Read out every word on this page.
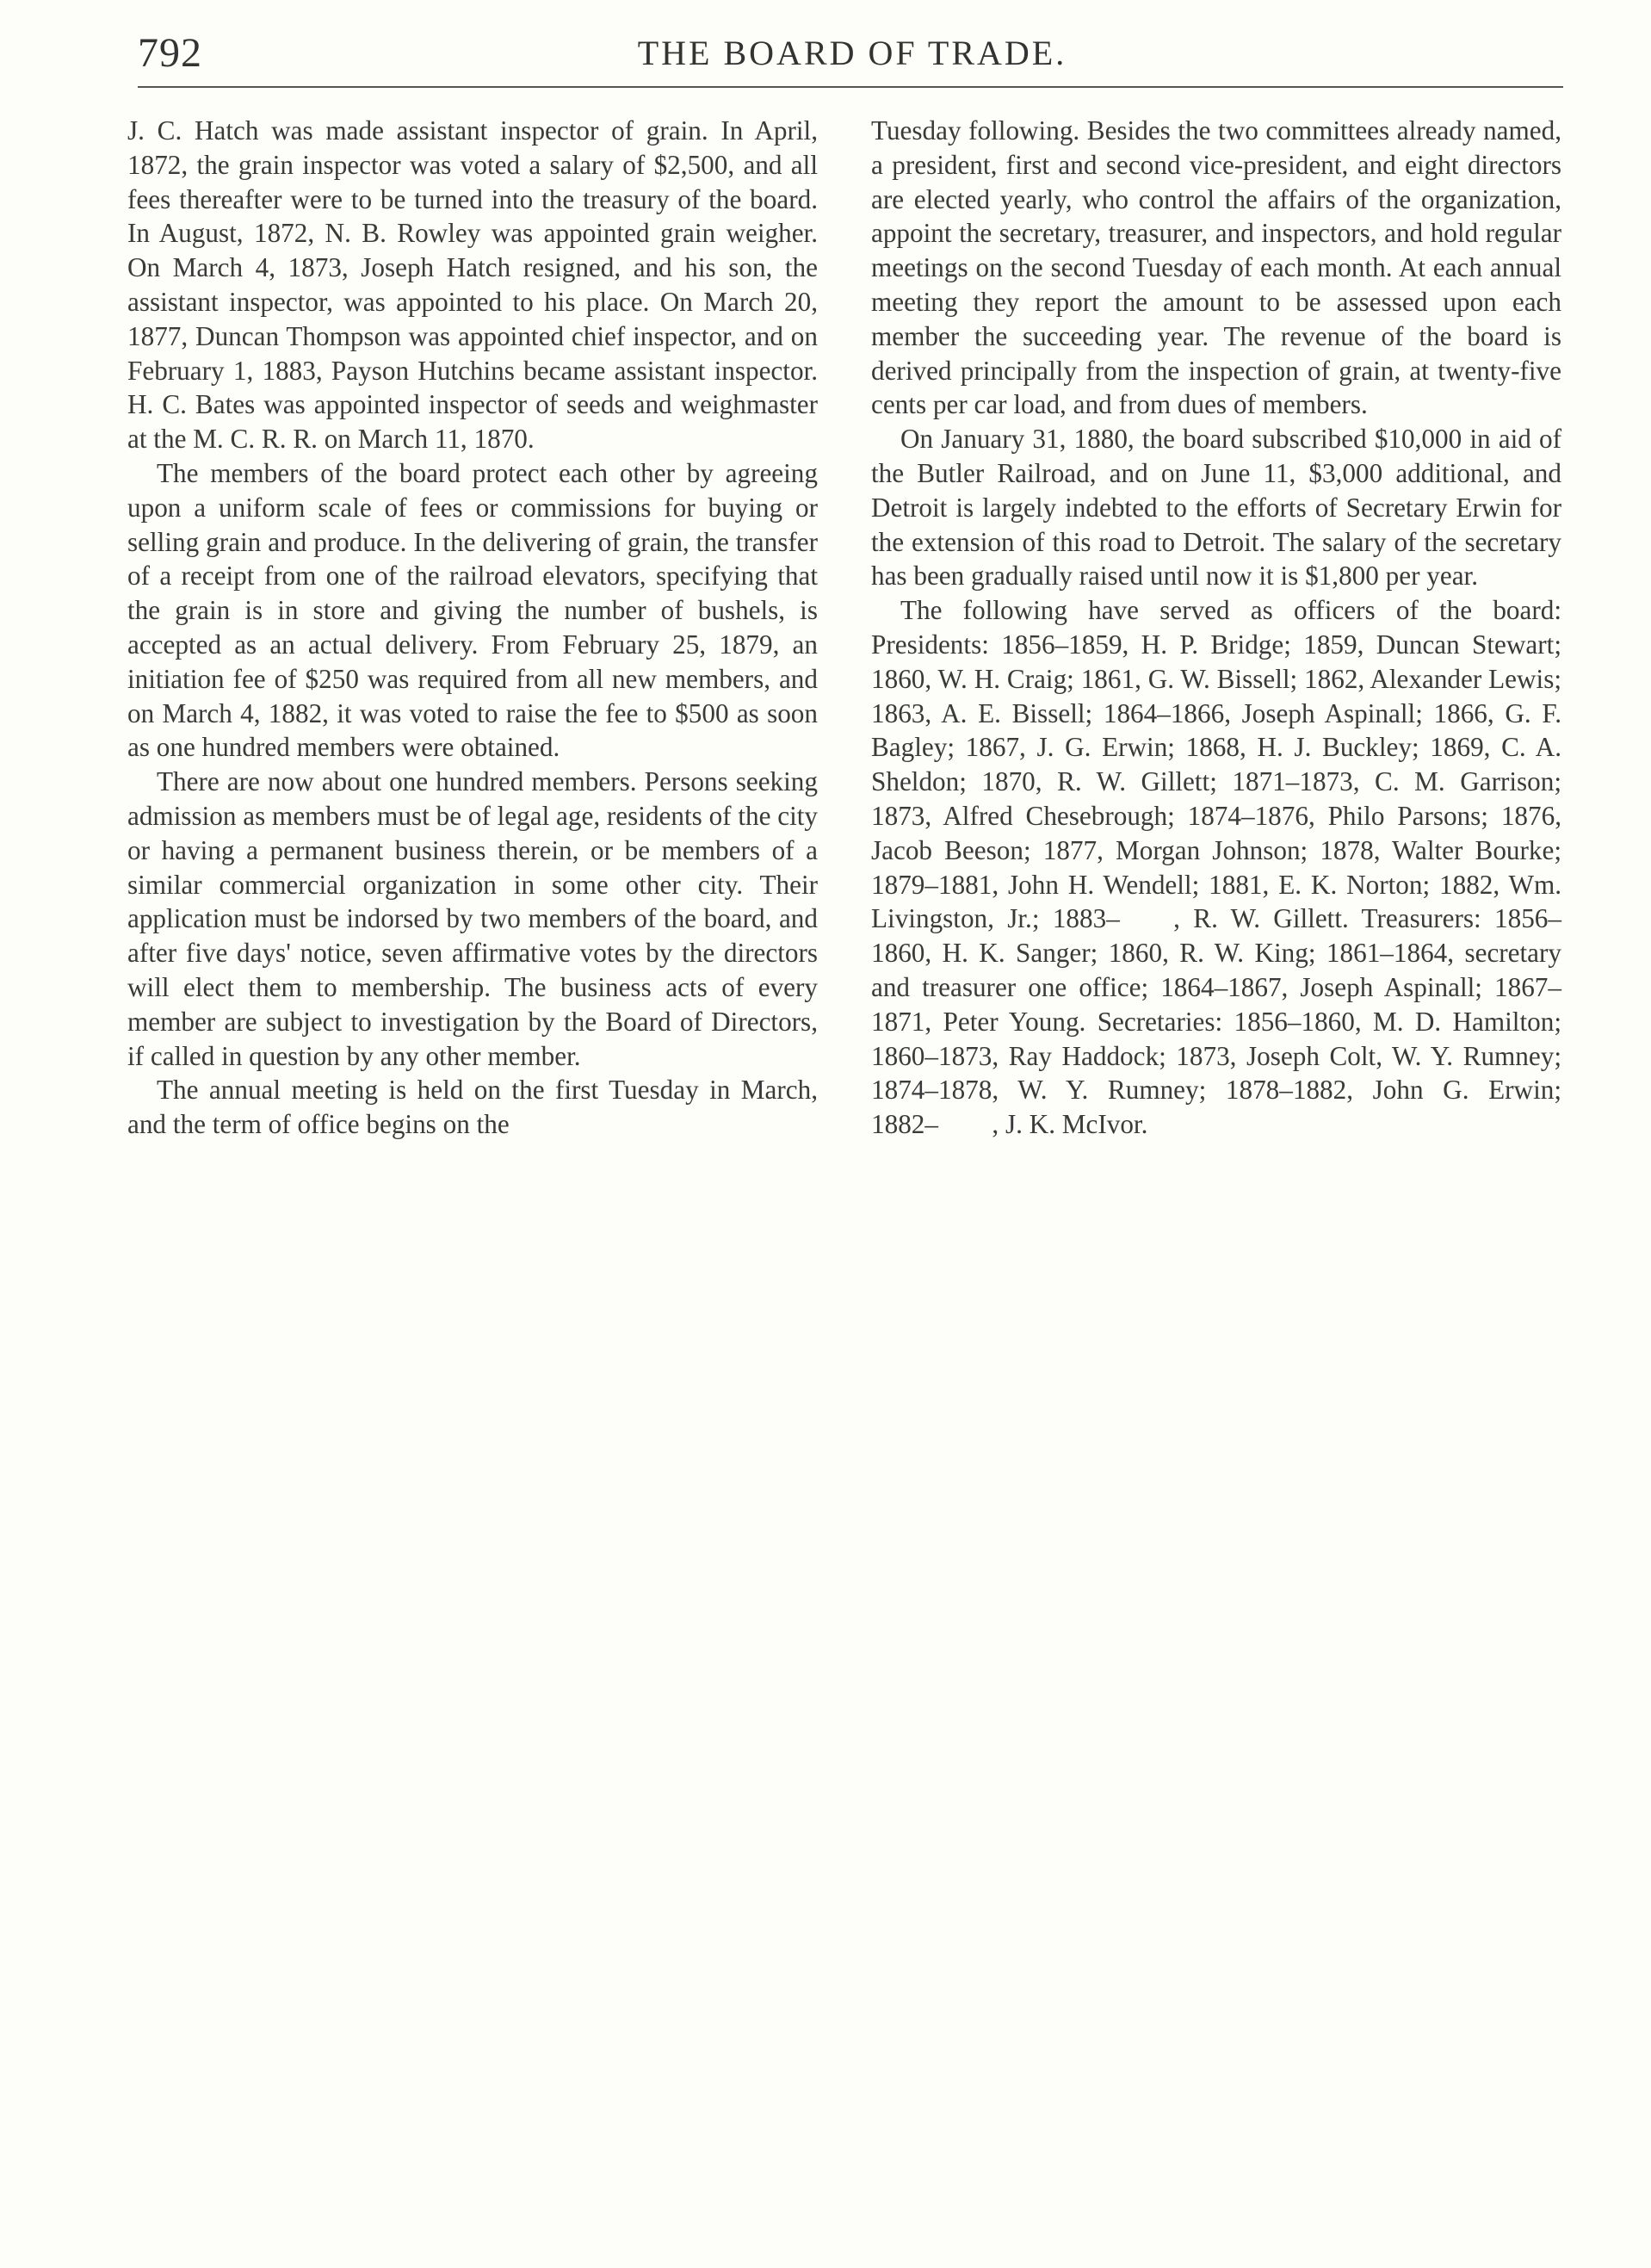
792	THE BOARD OF TRADE.

J. C. Hatch was made assistant inspector of grain. In April, 1872, the grain inspector was voted a salary of $2,500, and all fees thereafter were to be turned into the treasury of the board. In August, 1872, N. B. Rowley was appointed grain weigher. On March 4, 1873, Joseph Hatch resigned, and his son, the assistant inspector, was appointed to his place. On March 20, 1877, Duncan Thompson was appointed chief inspector, and on February 1, 1883, Payson Hutchins became assistant inspector. H. C. Bates was appointed inspector of seeds and weighmaster at the M. C. R. R. on March 11, 1870.

The members of the board protect each other by agreeing upon a uniform scale of fees or commissions for buying or selling grain and produce. In the delivering of grain, the transfer of a receipt from one of the railroad elevators, specifying that the grain is in store and giving the number of bushels, is accepted as an actual delivery. From February 25, 1879, an initiation fee of $250 was required from all new members, and on March 4, 1882, it was voted to raise the fee to $500 as soon as one hundred members were obtained.

There are now about one hundred members. Persons seeking admission as members must be of legal age, residents of the city or having a permanent business therein, or be members of a similar commercial organization in some other city. Their application must be indorsed by two members of the board, and after five days' notice, seven affirmative votes by the directors will elect them to membership. The business acts of every member are subject to investigation by the Board of Directors, if called in question by any other member.

The annual meeting is held on the first Tuesday in March, and the term of office begins on the

Tuesday following. Besides the two committees already named, a president, first and second vice-president, and eight directors are elected yearly, who control the affairs of the organization, appoint the secretary, treasurer, and inspectors, and hold regular meetings on the second Tuesday of each month. At each annual meeting they report the amount to be assessed upon each member the succeeding year. The revenue of the board is derived principally from the inspection of grain, at twenty-five cents per car load, and from dues of members.

On January 31, 1880, the board subscribed $10,000 in aid of the Butler Railroad, and on June 11, $3,000 additional, and Detroit is largely indebted to the efforts of Secretary Erwin for the extension of this road to Detroit. The salary of the secretary has been gradually raised until now it is $1,800 per year.

The following have served as officers of the board: Presidents: 1856–1859, H. P. Bridge; 1859, Duncan Stewart; 1860, W. H. Craig; 1861, G. W. Bissell; 1862, Alexander Lewis; 1863, A. E. Bissell; 1864–1866, Joseph Aspinall; 1866, G. F. Bagley; 1867, J. G. Erwin; 1868, H. J. Buckley; 1869, C. A. Sheldon; 1870, R. W. Gillett; 1871–1873, C. M. Garrison; 1873, Alfred Chesebrough; 1874–1876, Philo Parsons; 1876, Jacob Beeson; 1877, Morgan Johnson; 1878, Walter Bourke; 1879–1881, John H. Wendell; 1881, E. K. Norton; 1882, Wm. Livingston, Jr.; 1883–  , R. W. Gillett. Treasurers: 1856–1860, H. K. Sanger; 1860, R. W. King; 1861–1864, secretary and treasurer one office; 1864–1867, Joseph Aspinall; 1867–1871, Peter Young. Secretaries: 1856–1860, M. D. Hamilton; 1860–1873, Ray Haddock; 1873, Joseph Colt, W. Y. Rumney; 1874–1878, W. Y. Rumney; 1878–1882, John G. Erwin; 1882–  , J. K. McIvor.
